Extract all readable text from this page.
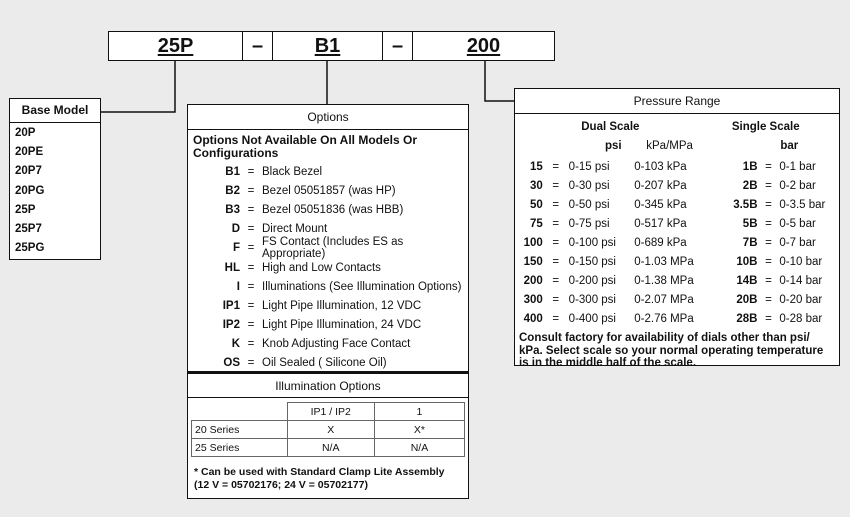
25P	–	B1	–	200
Base Model
20P
20PE
20P7
20PG
25P
25P7
25PG
Options
Options Not Available On All Models Or Configurations
B1 = Black Bezel
B2 = Bezel 05051857 (was HP)
B3 = Bezel 05051836 (was HBB)
D = Direct Mount
F = FS Contact (Includes ES as Appropriate)
HL = High and Low Contacts
I = Illuminations (See Illumination Options)
IP1 = Light Pipe Illumination, 12 VDC
IP2 = Light Pipe Illumination, 24 VDC
K = Knob Adjusting Face Contact
OS = Oil Sealed ( Silicone Oil)
Illumination Options
	IP1 / IP2	1
20 Series	X	X*
25 Series	N/A	N/A
* Can be used with Standard Clamp Lite Assembly
(12 V = 05702176; 24 V = 05702177)
Pressure Range
Dual Scale	Single Scale
psi	kPa/MPa	bar
15 = 0-15 psi	0-103 kPa	1B = 0-1 bar
30 = 0-30 psi	0-207 kPa	2B = 0-2 bar
50 = 0-50 psi	0-345 kPa	3.5B = 0-3.5 bar
75 = 0-75 psi	0-517 kPa	5B = 0-5 bar
100 = 0-100 psi	0-689 kPa	7B = 0-7 bar
150 = 0-150 psi	0-1.03 MPa	10B = 0-10 bar
200 = 0-200 psi	0-1.38 MPa	14B = 0-14 bar
300 = 0-300 psi	0-2.07 MPa	20B = 0-20 bar
400 = 0-400 psi	0-2.76 MPa	28B = 0-28 bar
Consult factory for availability of dials other than psi/ kPa. Select scale so your normal operating temperature is in the middle half of the scale.
